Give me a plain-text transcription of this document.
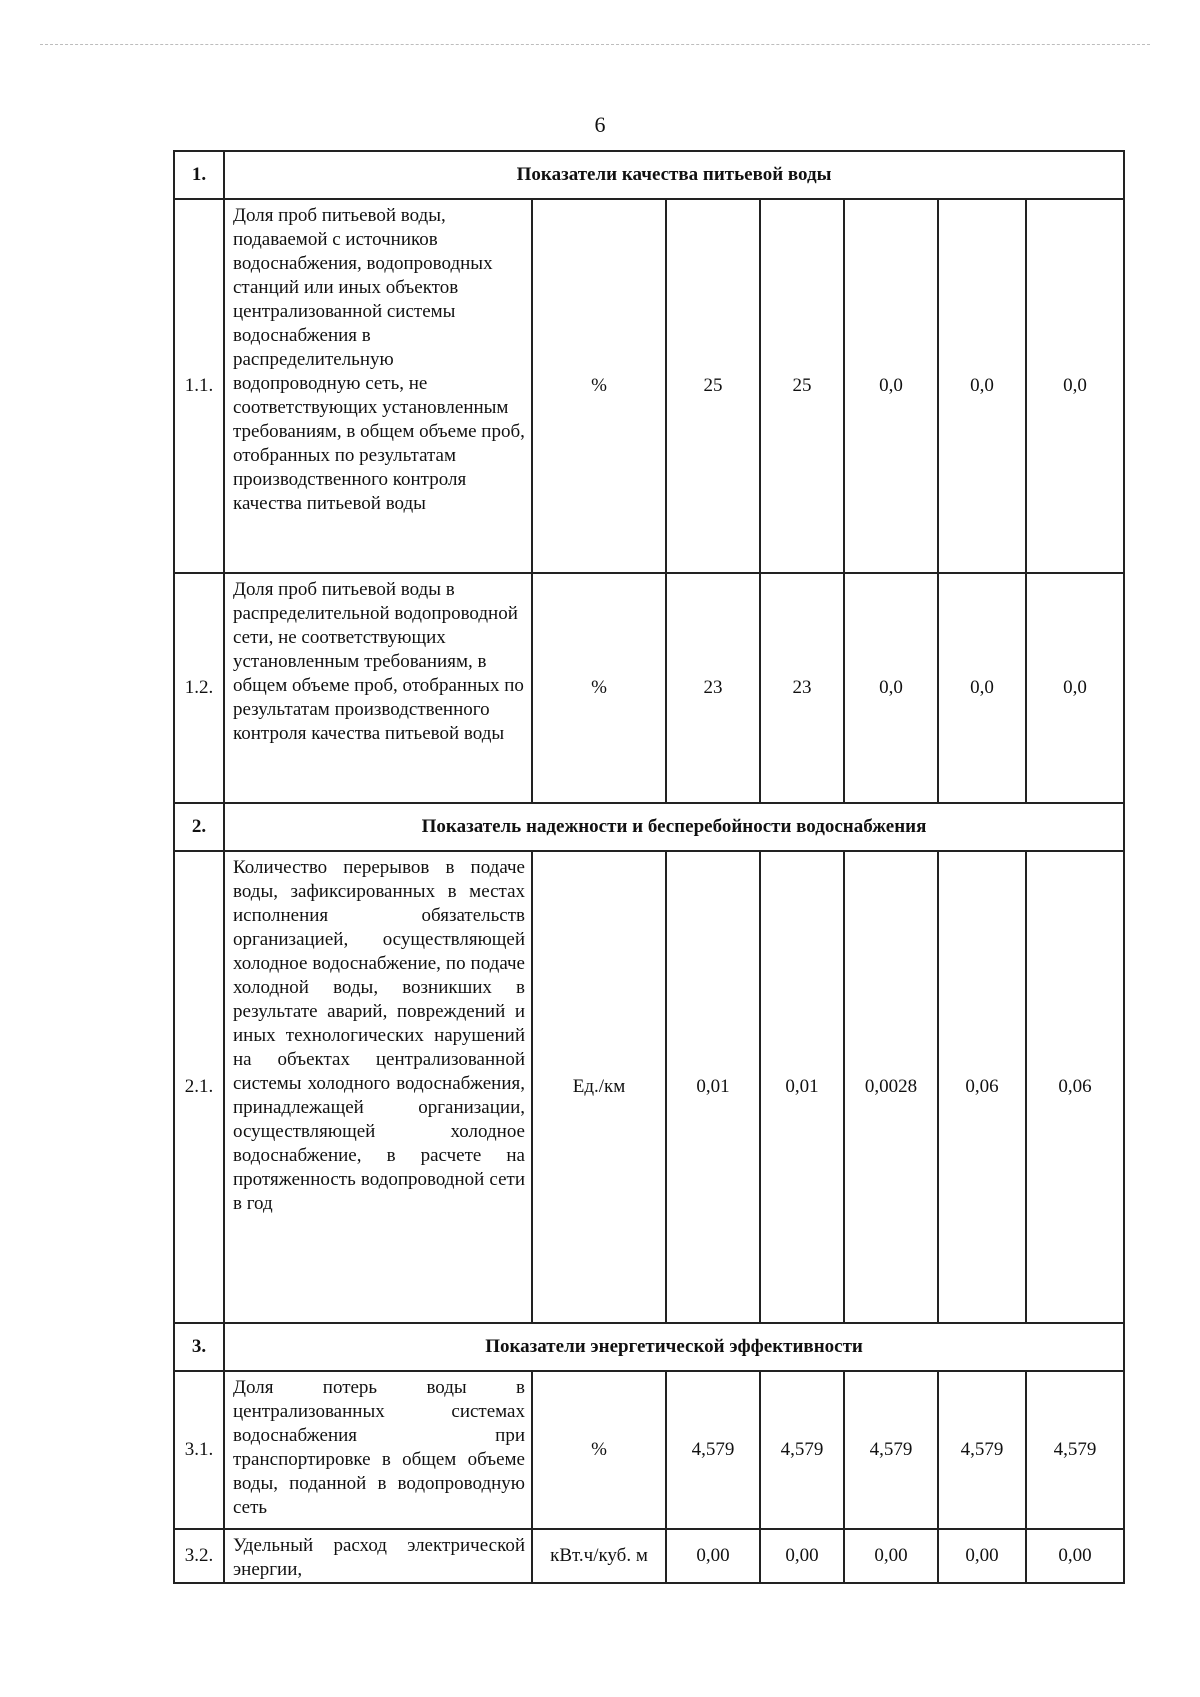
6
1.	Показатели качества питьевой воды						
1.1.	Доля проб питьевой воды, подаваемой с источников водоснабжения, водопроводных станций или иных объектов централизованной системы водоснабжения в распределительную водопроводную сеть, не соответствующих установленным требованиям, в общем объеме проб, отобранных по результатам производственного контроля качества питьевой воды	%	25	25	0,0	0,0	0,0
1.2.	Доля проб питьевой воды в распределительной водопроводной сети, не соответствующих установленным требованиям, в общем объеме проб, отобранных по результатам производственного контроля качества питьевой воды	%	23	23	0,0	0,0	0,0
2.	Показатель надежности и бесперебойности водоснабжения						
2.1.	Количество перерывов в подаче воды, зафиксированных в местах исполнения обязательств организацией, осуществляющей холодное водоснабжение, по подаче холодной воды, возникших в результате аварий, повреждений и иных технологических нарушений на объектах централизованной системы холодного водоснабжения, принадлежащей организации, осуществляющей холодное водоснабжение, в расчете на протяженность водопроводной сети в год	Ед./км	0,01	0,01	0,0028	0,06	0,06
3.	Показатели энергетической эффективности						
3.1.	Доля потерь воды в централизованных системах водоснабжения при транспортировке в общем объеме воды, поданной в водопроводную сеть	%	4,579	4,579	4,579	4,579	4,579
3.2.	Удельный расход электрической энергии,	кВт.ч/куб. м	0,00	0,00	0,00	0,00	0,00
